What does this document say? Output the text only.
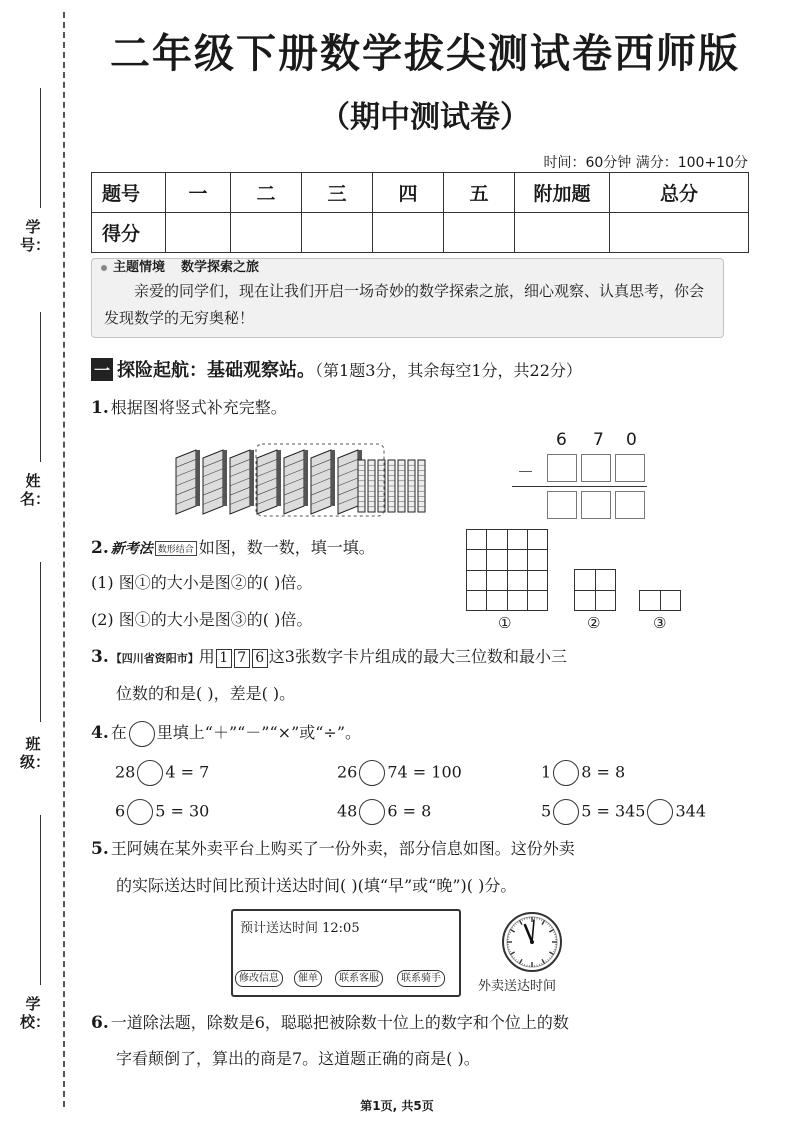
学号：
姓名：
班级：
学校：
二年级下册数学拔尖测试卷西师版
（期中测试卷）
时间：60分钟 满分：100+10分
题号	一	二	三	四	五	附加题	总分
得分							
主题情境 数学探索之旅
亲爱的同学们，现在让我们开启一场奇妙的数学探索之旅，细心观察、认真思考，你会发现数学的无穷奥秘！
一 探险起航：基础观察站。（第1题3分，其余每空1分，共22分）
1. 根据图将竖式补充完整。
6 7 0
－
2. 新考法 数形结合 如图，数一数，填一填。
(1) 图①的大小是图②的( )倍。
(2) 图①的大小是图③的( )倍。

		①	②	③
3. 【四川省资阳市】用 1 7 6 这3张数字卡片组成的最大三位数和最小三
位数的和是( )，差是( )。
4. 在 里填上“＋”“－”“×”或“÷”。
28 4 = 7	26 74 = 100	1 8 = 8
6 5 = 30	48 6 = 8	5 5 = 345 344
5. 王阿姨在某外卖平台上购买了一份外卖，部分信息如图。这份外卖
的实际送达时间比预计送达时间( )(填“早”或“晚”)( )分。
预计送达时间 12:05
修改信息	催单	联系客服	联系骑手
外卖送达时间
6. 一道除法题，除数是6，聪聪把被除数十位上的数字和个位上的数
字看颠倒了，算出的商是7。这道题正确的商是( )。
第1页, 共5页
